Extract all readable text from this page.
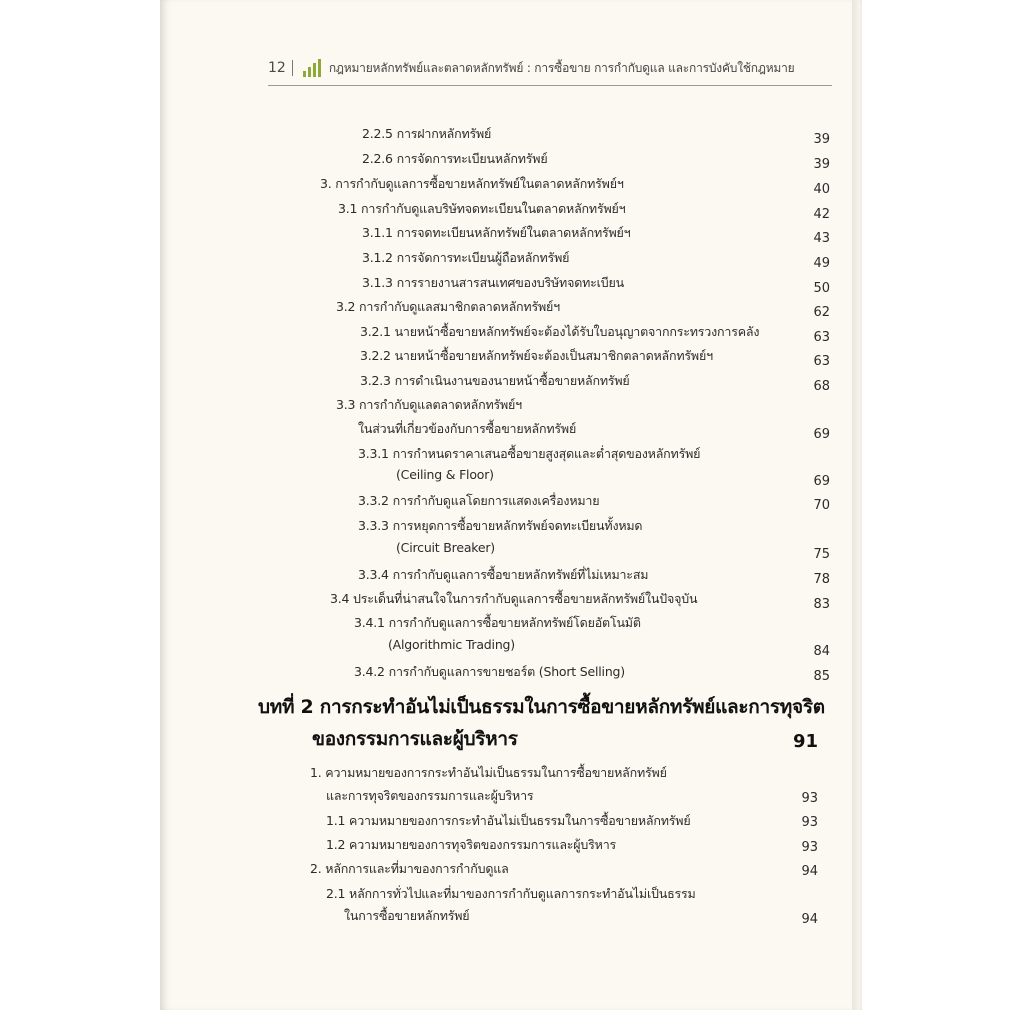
12	กฎหมายหลักทรัพย์และตลาดหลักทรัพย์ : การซื้อขาย การกำกับดูแล และการบังคับใช้กฎหมาย
2.2.5 การฝากหลักทรัพย์	39
2.2.6 การจัดการทะเบียนหลักทรัพย์	39
3. การกำกับดูแลการซื้อขายหลักทรัพย์ในตลาดหลักทรัพย์ฯ	40
3.1 การกำกับดูแลบริษัทจดทะเบียนในตลาดหลักทรัพย์ฯ	42
3.1.1 การจดทะเบียนหลักทรัพย์ในตลาดหลักทรัพย์ฯ	43
3.1.2 การจัดการทะเบียนผู้ถือหลักทรัพย์	49
3.1.3 การรายงานสารสนเทศของบริษัทจดทะเบียน	50
3.2 การกำกับดูแลสมาชิกตลาดหลักทรัพย์ฯ	62
3.2.1 นายหน้าซื้อขายหลักทรัพย์จะต้องได้รับใบอนุญาตจากกระทรวงการคลัง	63
3.2.2 นายหน้าซื้อขายหลักทรัพย์จะต้องเป็นสมาชิกตลาดหลักทรัพย์ฯ	63
3.2.3 การดำเนินงานของนายหน้าซื้อขายหลักทรัพย์	68
3.3 การกำกับดูแลตลาดหลักทรัพย์ฯ
ในส่วนที่เกี่ยวข้องกับการซื้อขายหลักทรัพย์	69
3.3.1 การกำหนดราคาเสนอซื้อขายสูงสุดและต่ำสุดของหลักทรัพย์
(Ceiling & Floor)	69
3.3.2 การกำกับดูแลโดยการแสดงเครื่องหมาย	70
3.3.3 การหยุดการซื้อขายหลักทรัพย์จดทะเบียนทั้งหมด
(Circuit Breaker)	75
3.3.4 การกำกับดูแลการซื้อขายหลักทรัพย์ที่ไม่เหมาะสม	78
3.4 ประเด็นที่น่าสนใจในการกำกับดูแลการซื้อขายหลักทรัพย์ในปัจจุบัน	83
3.4.1 การกำกับดูแลการซื้อขายหลักทรัพย์โดยอัตโนมัติ
(Algorithmic Trading)	84
3.4.2 การกำกับดูแลการขายชอร์ต (Short Selling)	85
บทที่ 2 การกระทำอันไม่เป็นธรรมในการซื้อขายหลักทรัพย์และการทุจริต
ของกรรมการและผู้บริหาร	91
1. ความหมายของการกระทำอันไม่เป็นธรรมในการซื้อขายหลักทรัพย์
และการทุจริตของกรรมการและผู้บริหาร	93
1.1 ความหมายของการกระทำอันไม่เป็นธรรมในการซื้อขายหลักทรัพย์	93
1.2 ความหมายของการทุจริตของกรรมการและผู้บริหาร	93
2. หลักการและที่มาของการกำกับดูแล	94
2.1 หลักการทั่วไปและที่มาของการกำกับดูแลการกระทำอันไม่เป็นธรรม
ในการซื้อขายหลักทรัพย์	94
